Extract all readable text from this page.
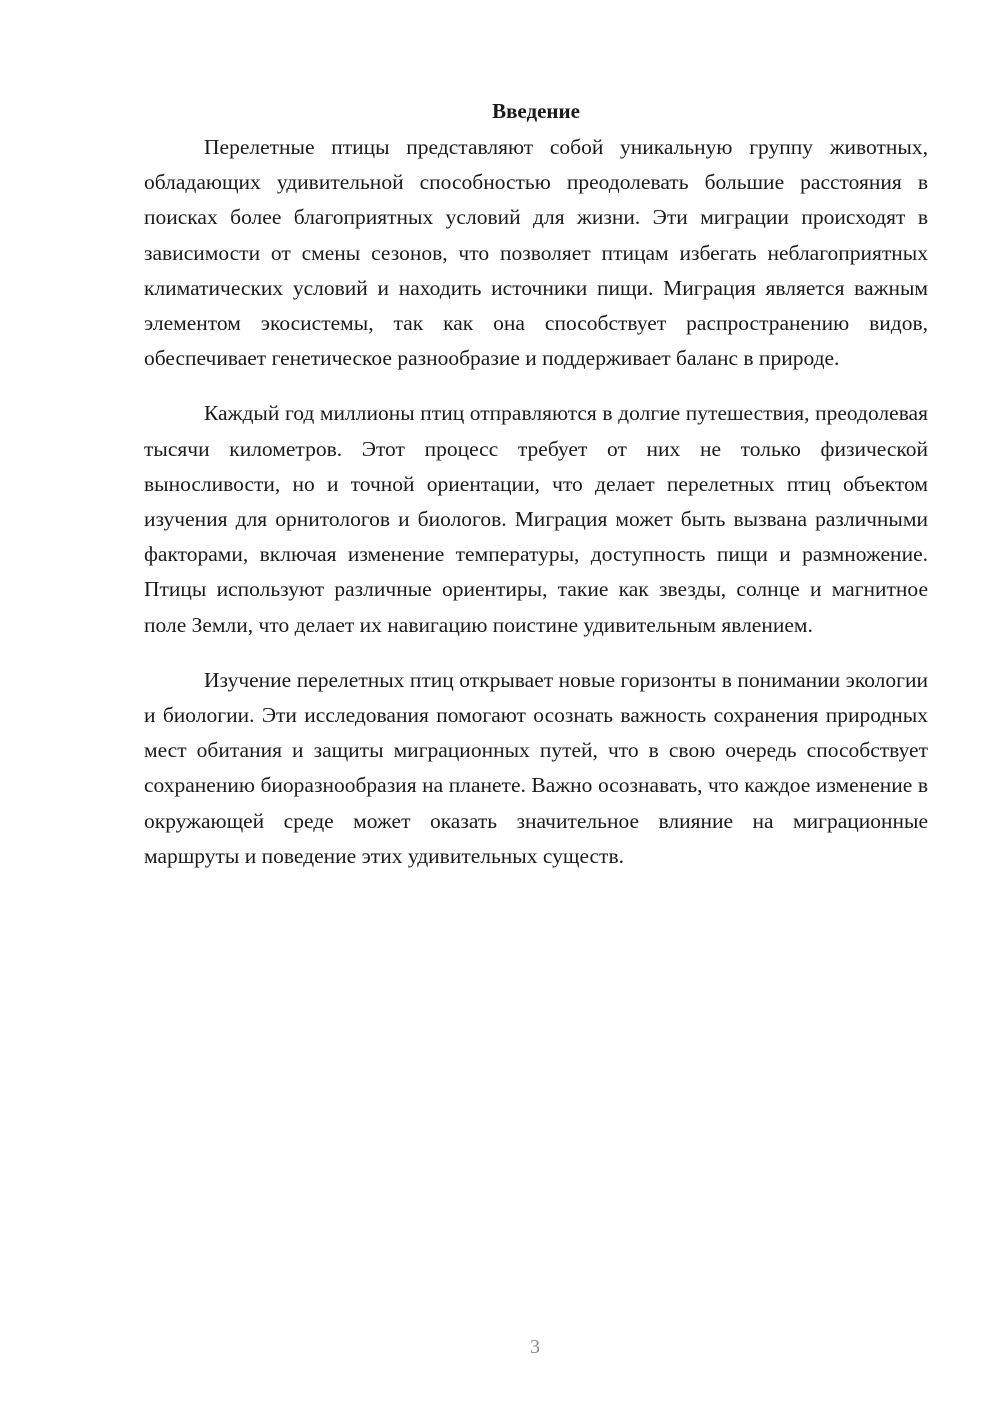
Введение

Перелетные птицы представляют собой уникальную группу животных, обладающих удивительной способностью преодолевать большие расстояния в поисках более благоприятных условий для жизни. Эти миграции происходят в зависимости от смены сезонов, что позволяет птицам избегать неблагоприятных климатических условий и находить источники пищи. Миграция является важным элементом экосистемы, так как она способствует распространению видов, обеспечивает генетическое разнообразие и поддерживает баланс в природе.

Каждый год миллионы птиц отправляются в долгие путешествия, преодолевая тысячи километров. Этот процесс требует от них не только физической выносливости, но и точной ориентации, что делает перелетных птиц объектом изучения для орнитологов и биологов. Миграция может быть вызвана различными факторами, включая изменение температуры, доступность пищи и размножение. Птицы используют различные ориентиры, такие как звезды, солнце и магнитное поле Земли, что делает их навигацию поистине удивительным явлением.

Изучение перелетных птиц открывает новые горизонты в понимании экологии и биологии. Эти исследования помогают осознать важность сохранения природных мест обитания и защиты миграционных путей, что в свою очередь способствует сохранению биоразнообразия на планете. Важно осознавать, что каждое изменение в окружающей среде может оказать значительное влияние на миграционные маршруты и поведение этих удивительных существ.

3
